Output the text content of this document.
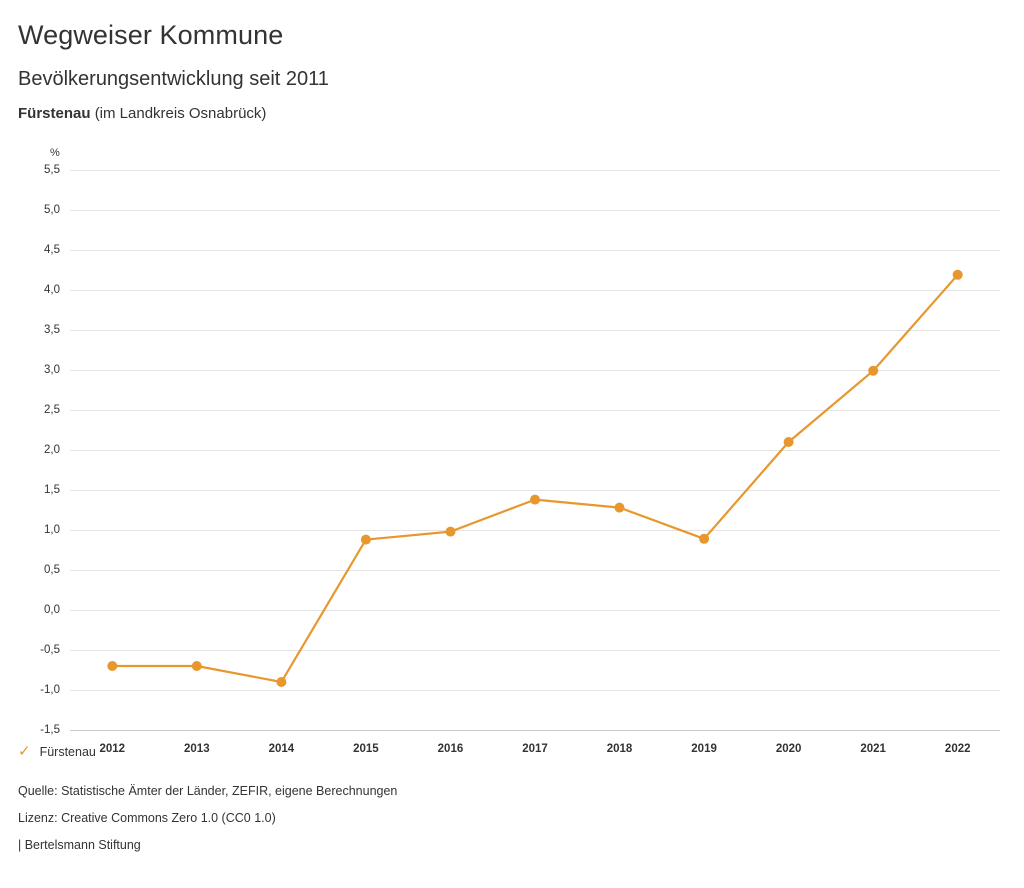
Wegweiser Kommune
Bevölkerungsentwicklung seit 2011
Fürstenau (im Landkreis Osnabrück)
%
5,5
5,0
4,5
4,0
3,5
3,0
2,5
2,0
1,5
1,0
0,5
0,0
-0,5
-1,0
-1,5
2012	2013	2014	2015	2016	2017	2018	2019	2020	2021	2022
✓ Fürstenau
Quelle: Statistische Ämter der Länder, ZEFIR, eigene Berechnungen
Lizenz: Creative Commons Zero 1.0 (CC0 1.0)
| Bertelsmann Stiftung
